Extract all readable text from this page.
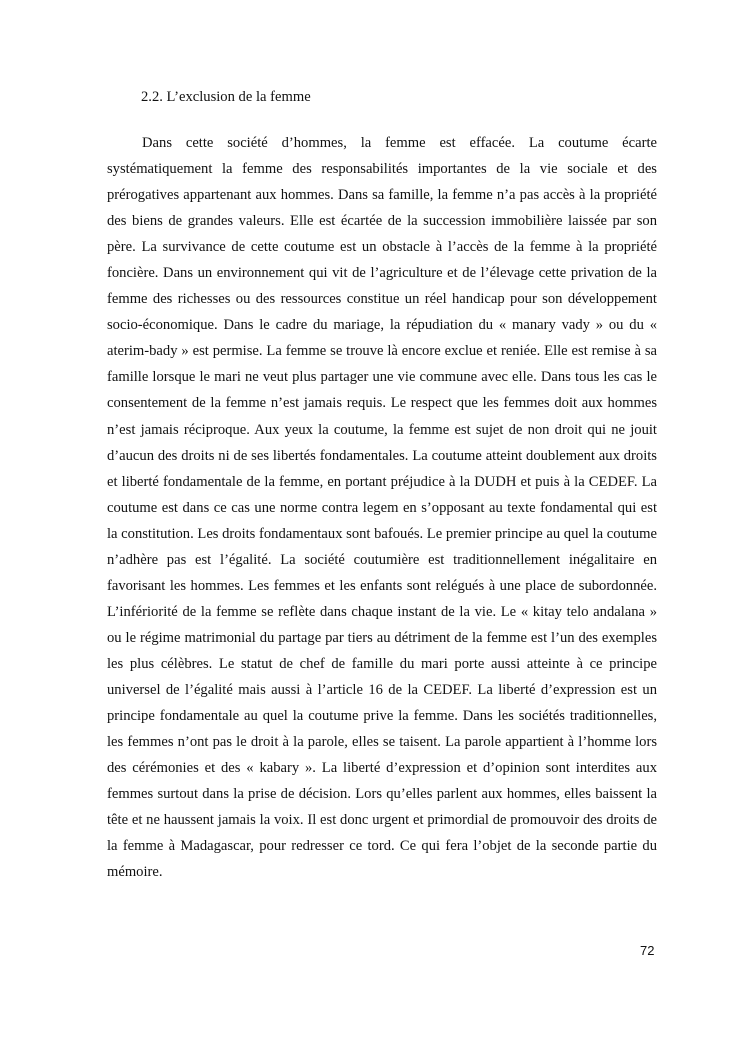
2.2. L’exclusion de la femme

Dans cette société d’hommes, la femme est effacée. La coutume écarte systématiquement la femme des responsabilités importantes de la vie sociale et des prérogatives appartenant aux hommes. Dans sa famille, la femme n’a pas accès à la propriété des biens de grandes valeurs. Elle est écartée de la succession immobilière laissée par son père. La survivance de cette coutume est un obstacle à l’accès de la femme à la propriété foncière. Dans un environnement qui vit de l’agriculture et de l’élevage cette privation de la femme des richesses ou des ressources constitue un réel handicap pour son développement socio-économique. Dans le cadre du mariage, la répudiation du « manary vady » ou du « aterim-bady » est permise. La femme se trouve là encore exclue et reniée. Elle est remise à sa famille lorsque le mari ne veut plus partager une vie commune avec elle. Dans tous les cas le consentement de la femme n’est jamais requis. Le respect que les femmes doit aux hommes n’est jamais réciproque. Aux yeux la coutume, la femme est sujet de non droit qui ne jouit d’aucun des droits ni de ses libertés fondamentales. La coutume atteint doublement aux droits et liberté fondamentale de la femme, en portant préjudice à la DUDH et puis à la CEDEF. La coutume est dans ce cas une norme contra legem en s’opposant au texte fondamental qui est la constitution. Les droits fondamentaux sont bafoués. Le premier principe au quel la coutume n’adhère pas est l’égalité. La société coutumière est traditionnellement inégalitaire en favorisant les hommes. Les femmes et les enfants sont relégués à une place de subordonnée. L’infériorité de la femme se reflète dans chaque instant de la vie. Le « kitay telo andalana » ou le régime matrimonial du partage par tiers au détriment de la femme est l’un des exemples les plus célèbres. Le statut de chef de famille du mari porte aussi atteinte à ce principe universel de l’égalité mais aussi à l’article 16 de la CEDEF. La liberté d’expression est un principe fondamentale au quel la coutume prive la femme. Dans les sociétés traditionnelles, les femmes n’ont pas le droit à la parole, elles se taisent. La parole appartient à l’homme lors des cérémonies et des « kabary ». La liberté d’expression et d’opinion sont interdites aux femmes surtout dans la prise de décision. Lors qu’elles parlent aux hommes, elles baissent la tête et ne haussent jamais la voix. Il est donc urgent et primordial de promouvoir des droits de la femme à Madagascar, pour redresser ce tord. Ce qui fera l’objet de la seconde partie du mémoire.

72
